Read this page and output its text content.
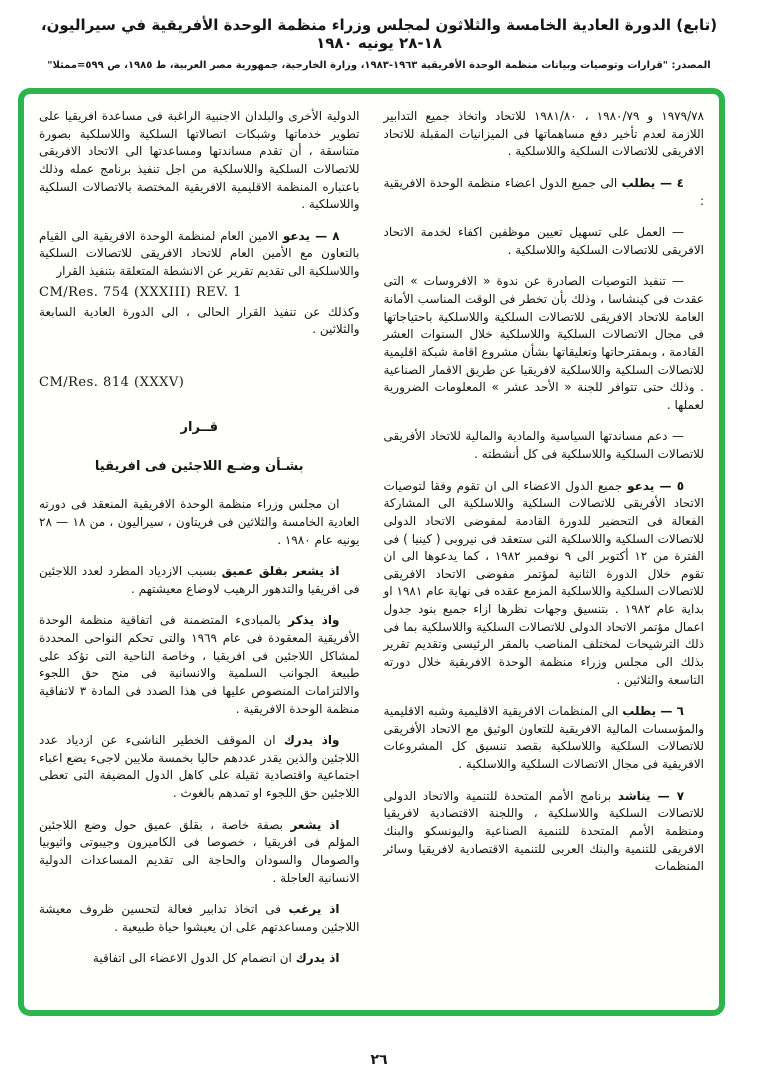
(تابع) الدورة العادية الخامسة والثلاثون لمجلس وزراء منظمة الوحدة الأفريقية في سيراليون، ١٨-٢٨ يونيه ١٩٨٠
المصدر: "قرارات وتوصيات وبيانات منظمة الوحدة الأفريقية ١٩٦٣-١٩٨٣، وزارة الخارجية، جمهورية مصر العربية، ط ١٩٨٥، ص ٥٩٩=ممثلا"

١٩٧٩/٧٨ و ١٩٨٠/٧٩ ، ١٩٨١/٨٠ للاتحاد واتخاذ جميع التدابير اللازمة لعدم تأخير دفع مساهماتها فى الميزانيات المقبلة للاتحاد الافريقى للاتصالات السلكية واللاسلكية .

٤ — يطلب الى جميع الدول اعضاء منظمة الوحدة الافريقية :

— العمل على تسهيل تعيين موظفين اكفاء لخدمة الاتحاد الافريقى للاتصالات السلكية واللاسلكية .

— تنفيذ التوصيات الصادرة عن ندوة « الافروسات » التى عقدت فى كينشاسا ، وذلك بأن تخطر فى الوقت المناسب الأمانة العامة للاتحاد الافريقى للاتصالات السلكية واللاسلكية باحتياجاتها فى مجال الاتصالات السلكية واللاسلكية خلال السنوات العشر القادمة ، وبمقترحاتها وتعليقاتها بشأن مشروع اقامة شبكة اقليمية للاتصالات السلكية واللاسلكية لافريقيا عن طريق الاقمار الصناعية . وذلك حتى تتوافر للجنة « الأحد عشر » المعلومات الضرورية لعملها .

— دعم مساندتها السياسية والمادية والمالية للاتحاد الأفريقى للاتصالات السلكية واللاسلكية فى كل أنشطته .

٥ — يدعو جميع الدول الاعضاء الى ان تقوم وفقا لتوصيات الاتحاد الأفريقى للاتصالات السلكية واللاسلكية الى المشاركة الفعالة فى التحضير للدورة القادمة لمفوضى الاتحاد الدولى للاتصالات السلكية واللاسلكية التى ستعقد فى نيروبى ( كينيا ) فى الفترة من ١٢ أكتوبر الى ٩ نوفمبر ١٩٨٢ ، كما يدعوها الى ان تقوم خلال الدورة الثانية لمؤتمر مفوضى الاتحاد الافريقى للاتصالات السلكية واللاسلكية المزمع عقده فى نهاية عام ١٩٨١ او بداية عام ١٩٨٢ . بتنسيق وجهات نظرها ازاء جميع بنود جدول اعمال مؤتمر الاتحاد الدولى للاتصالات السلكية واللاسلكية بما فى ذلك الترشيحات لمختلف المناصب بالمقر الرئيسى وتقديم تقرير بذلك الى مجلس وزراء منظمة الوحدة الافريقية خلال دورته التاسعة والثلاثين .

٦ — يطلب الى المنظمات الافريقية الاقليمية وشبه الاقليمية والمؤسسات المالية الافريقية للتعاون الوثيق مع الاتحاد الأفريقى للاتصالات السلكية واللاسلكية بقصد تنسيق كل المشروعات الافريقية فى مجال الاتصالات السلكية واللاسلكية .

٧ — يناشد برنامج الأمم المتحدة للتنمية والاتحاد الدولى للاتصالات السلكية واللاسلكية ، واللجنة الاقتصادية لافريقيا ومنظمة الأمم المتحدة للتنمية الصناعية واليونسكو والبنك الافريقى للتنمية والبنك العربى للتنمية الاقتصادية لافريقيا وسائر المنظمات

الدولية الأخرى والبلدان الاجنبية الراغبة فى مساعدة افريقيا على تطوير خدماتها وشبكات اتصالاتها السلكية واللاسلكية بصورة متناسقة ، أن تقدم مساندتها ومساعدتها الى الاتحاد الافريقى للاتصالات السلكية واللاسلكية من اجل تنفيذ برنامج عمله وذلك باعتباره المنظمة الاقليمية الافريقية المختصة بالاتصالات السلكية واللاسلكية .

٨ — يدعو الامين العام لمنظمة الوحدة الافريقية الى القيام بالتعاون مع الأمين العام للاتحاد الافريقى للاتصالات السلكية واللاسلكية الى تقديم تقرير عن الانشطة المتعلقة بتنفيذ القرار

CM/Res. 754 (XXXIII) REV. 1

وكذلك عن تنفيذ القرار الحالى ، الى الدورة العادية السابعة والثلاثين .

CM/Res. 814 (XXXV)
قــرار
بشـأن وضـع اللاجئين فى افريقيا

ان مجلس وزراء منظمة الوحدة الافريقية المنعقد فى دورته العادية الخامسة والثلاثين فى فريتاون ، سيراليون ، من ١٨ — ٢٨ يونيه عام ١٩٨٠ .

اذ يشعر بقلق عميق بسبب الازدياد المطرد لعدد اللاجئين فى افريقيا والتدهور الرهيب لاوضاع معيشتهم .

واذ يذكر بالمبادىء المتضمنة فى اتفاقية منظمة الوحدة الأفريقية المعقودة فى عام ١٩٦٩ والتى تحكم النواحى المحددة لمشاكل اللاجئين فى افريقيا ، وخاصة الناحية التى تؤكد على طبيعة الجوانب السلمية والانسانية فى منح حق اللجوء والالتزامات المنصوص عليها فى هذا الصدد فى المادة ٣ لاتفاقية منظمة الوحدة الافريقية .

واذ يدرك ان الموقف الخطير الناشىء عن ازدياد عدد اللاجئين والذين يقدر عددهم حاليا بخمسة ملايين لاجىء يضع اعباء اجتماعية واقتصادية ثقيلة على كاهل الدول المضيفة التى تعطى اللاجئين حق اللجوء او تمدهم بالغوث .

اذ يشعر بصفة خاصة ، بقلق عميق حول وضع اللاجئين المؤلم فى افريقيا ، خصوصا فى الكاميرون وجيبوتى واثيوبيا والصومال والسودان والحاجة الى تقديم المساعدات الدولية الانسانية العاجلة .

اذ يرغب فى اتخاذ تدابير فعالة لتحسين ظروف معيشة اللاجئين ومساعدتهم على ان يعيشوا حياة طبيعية .

اذ يدرك ان انضمام كل الدول الاعضاء الى اتفاقية

٢٦
